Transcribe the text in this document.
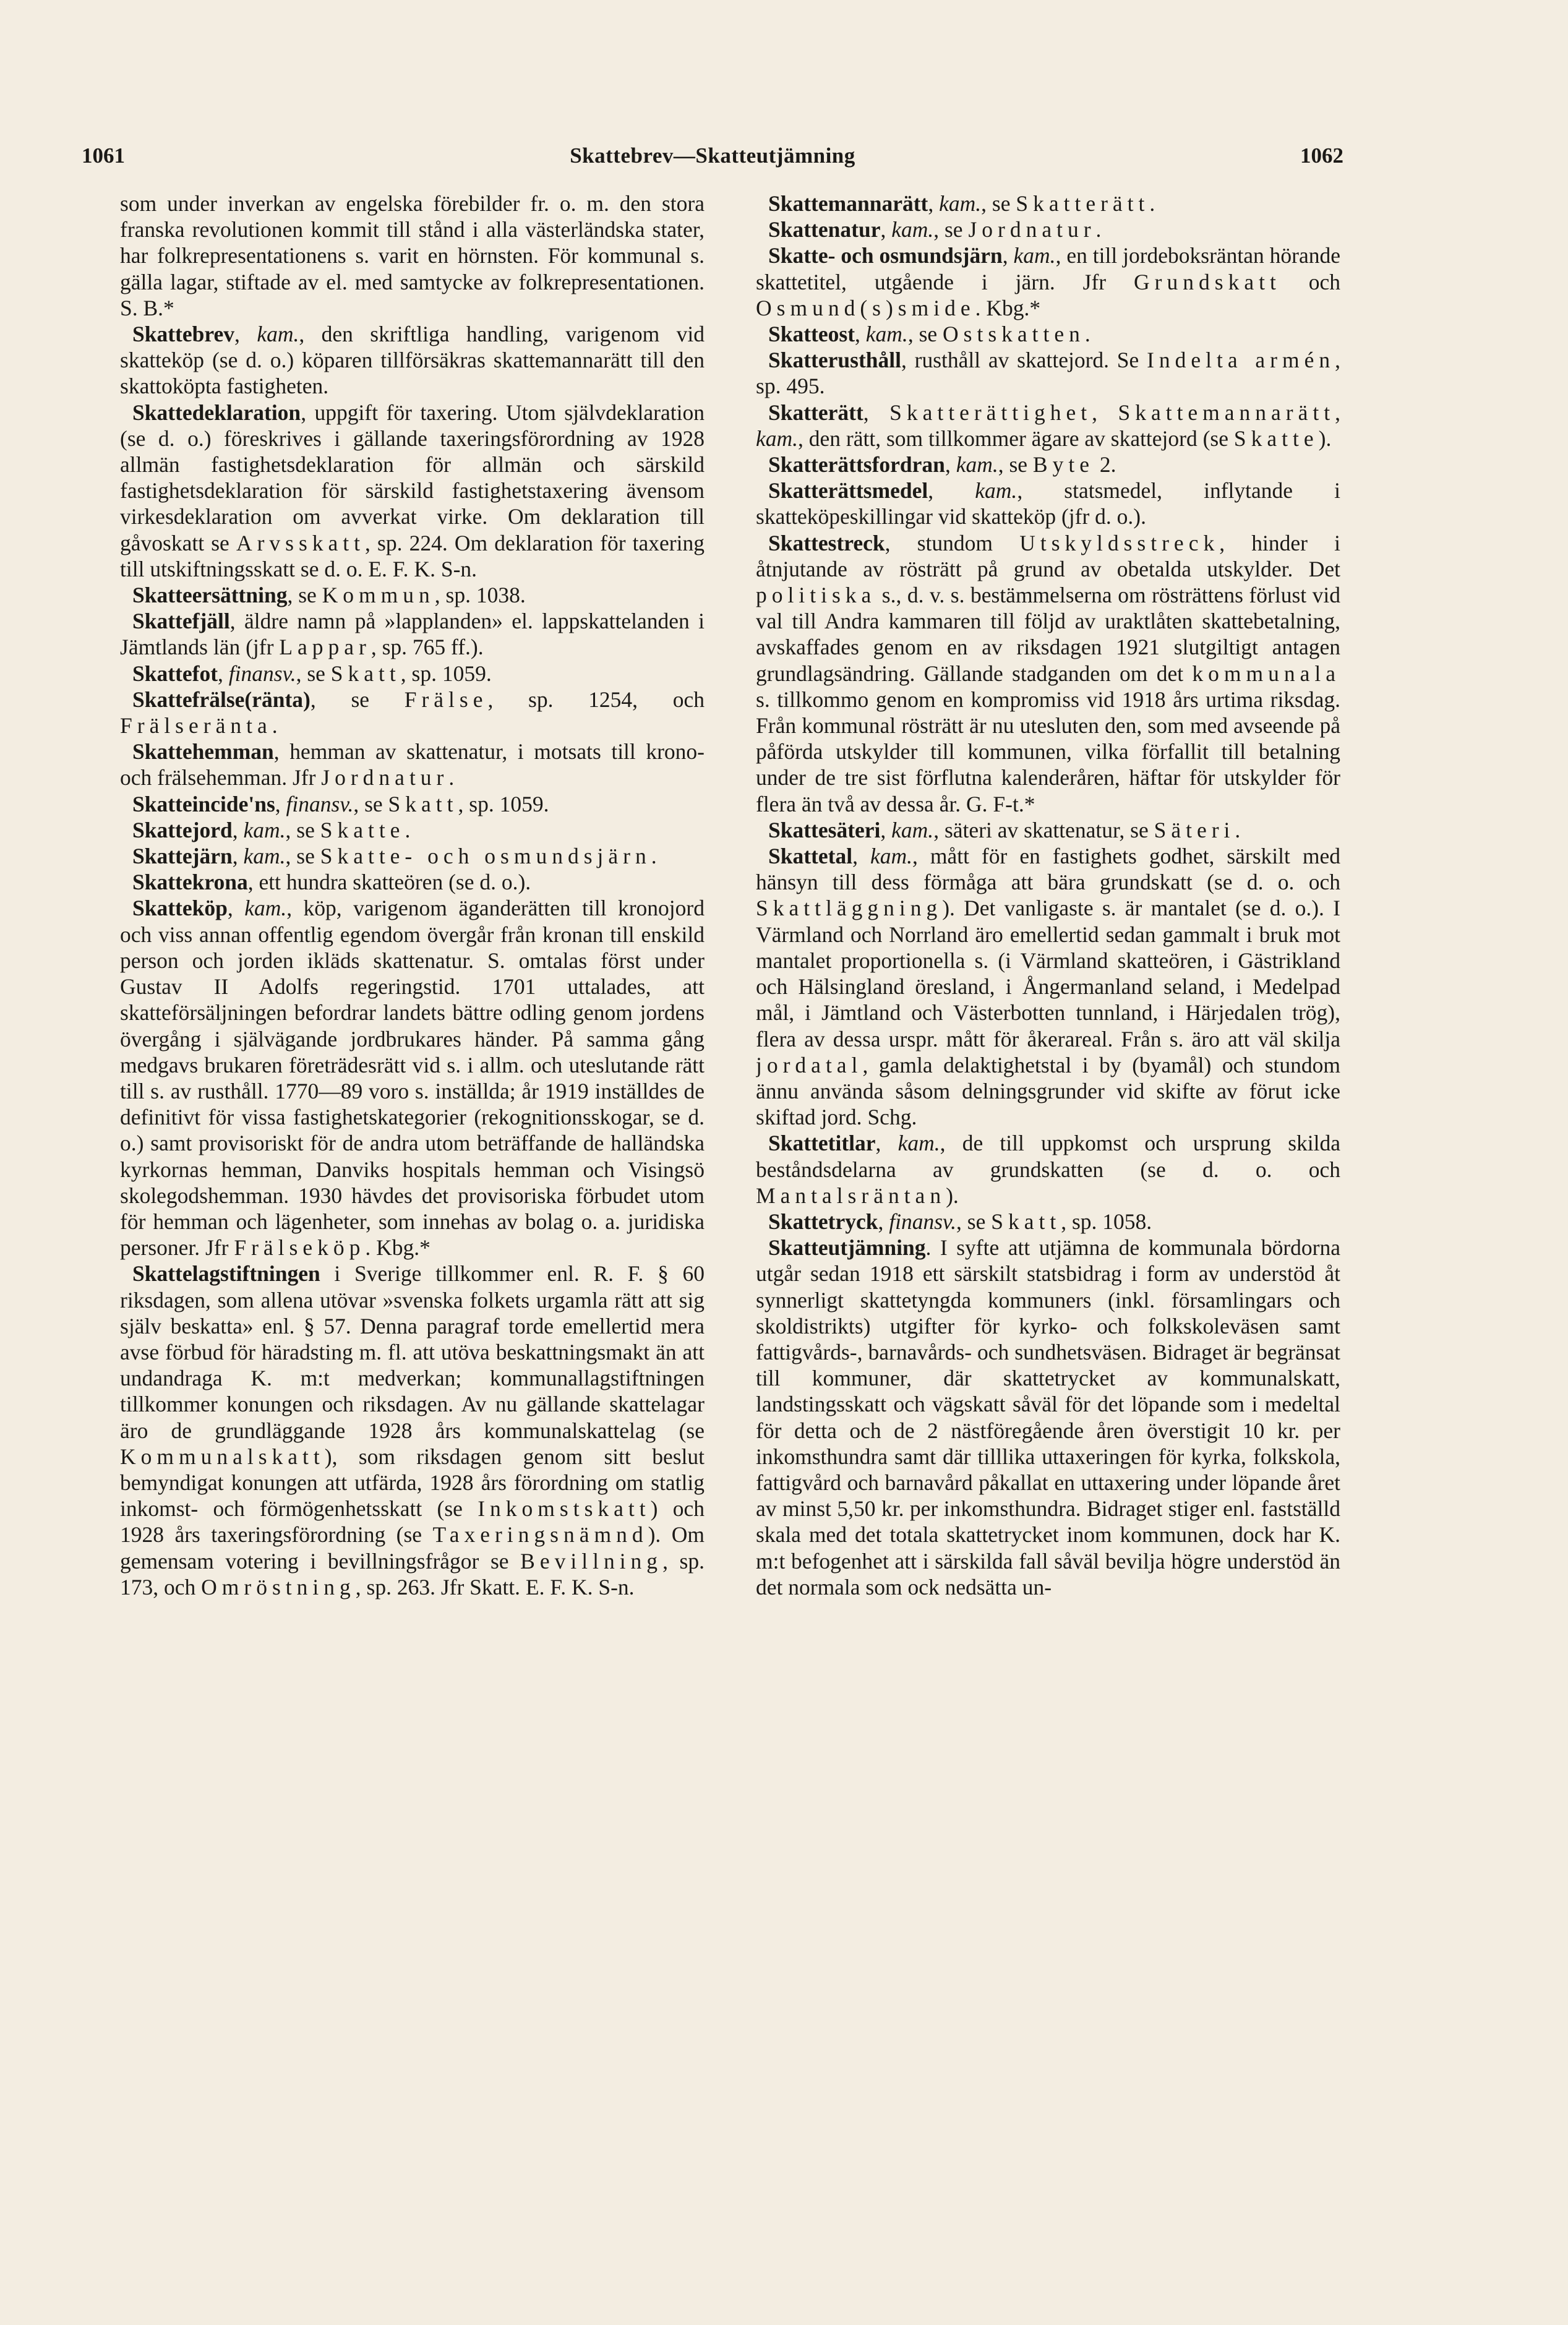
1061	Skattebrev—Skatteutjämning	1062

som under inverkan av engelska förebilder fr. o. m. den stora franska revolutionen kommit till stånd i alla västerländska stater, har folkrepresentationens s. varit en hörnsten. För kommunal s. gälla lagar, stiftade av el. med samtycke av folkrepresentationen. S. B.*

Skattebrev, kam., den skriftliga handling, varigenom vid skatteköp (se d. o.) köparen tillförsäkras skattemannarätt till den skattoköpta fastigheten.

Skattedeklaration, uppgift för taxering. Utom självdeklaration (se d. o.) föreskrives i gällande taxeringsförordning av 1928 allmän fastighetsdeklaration för allmän och särskild fastighetsdeklaration för särskild fastighetstaxering ävensom virkesdeklaration om avverkat virke. Om deklaration till gåvoskatt se Arvsskatt, sp. 224. Om deklaration för taxering till utskiftningsskatt se d. o. E. F. K. S-n.

Skatteersättning, se Kommun, sp. 1038.

Skattefjäll, äldre namn på »lapplanden» el. lappskattelanden i Jämtlands län (jfr Lappar, sp. 765 ff.).

Skattefot, finansv., se Skatt, sp. 1059.

Skattefrälse(ränta), se Frälse, sp. 1254, och Frälseränta.

Skattehemman, hemman av skattenatur, i motsats till krono- och frälsehemman. Jfr Jordnatur.

Skatteincide'ns, finansv., se Skatt, sp. 1059.

Skattejord, kam., se Skatte.

Skattejärn, kam., se Skatte- och osmundsjärn.

Skattekrona, ett hundra skatteören (se d. o.).

Skatteköp, kam., köp, varigenom äganderätten till kronojord och viss annan offentlig egendom övergår från kronan till enskild person och jorden ikläds skattenatur. S. omtalas först under Gustav II Adolfs regeringstid. 1701 uttalades, att skatteförsäljningen befordrar landets bättre odling genom jordens övergång i självägande jordbrukares händer. På samma gång medgavs brukaren företrädesrätt vid s. i allm. och uteslutande rätt till s. av rusthåll. 1770—89 voro s. inställda; år 1919 inställdes de definitivt för vissa fastighetskategorier (rekognitionsskogar, se d. o.) samt provisoriskt för de andra utom beträffande de halländska kyrkornas hemman, Danviks hospitals hemman och Visingsö skolegodshemman. 1930 hävdes det provisoriska förbudet utom för hemman och lägenheter, som innehas av bolag o. a. juridiska personer. Jfr Frälseköp. Kbg.*

Skattelagstiftningen i Sverige tillkommer enl. R. F. § 60 riksdagen, som allena utövar »svenska folkets urgamla rätt att sig själv beskatta» enl. § 57. Denna paragraf torde emellertid mera avse förbud för häradsting m. fl. att utöva beskattningsmakt än att undandraga K. m:t medverkan; kommunallagstiftningen tillkommer konungen och riksdagen. Av nu gällande skattelagar äro de grundläggande 1928 års kommunalskattelag (se Kommunalskatt), som riksdagen genom sitt beslut bemyndigat konungen att utfärda, 1928 års förordning om statlig inkomst- och förmögenhetsskatt (se Inkomstskatt) och 1928 års taxeringsförordning (se Taxeringsnämnd). Om gemensam votering i bevillningsfrågor se Bevillning, sp. 173, och Omröstning, sp. 263. Jfr Skatt. E. F. K. S-n.

Skattemannarätt, kam., se Skatterätt.

Skattenatur, kam., se Jordnatur.

Skatte- och osmundsjärn, kam., en till jordeboksräntan hörande skattetitel, utgående i järn. Jfr Grundskatt och Osmund(s)smide. Kbg.*

Skatteost, kam., se Ostskatten.

Skatterusthåll, rusthåll av skattejord. Se Indelta armén, sp. 495.

Skatterätt, Skatterättighet, Skattemannarätt, kam., den rätt, som tillkommer ägare av skattejord (se Skatte).

Skatterättsfordran, kam., se Byte 2.

Skatterättsmedel, kam., statsmedel, inflytande i skatteköpeskillingar vid skatteköp (jfr d. o.).

Skattestreck, stundom Utskyldsstreck, hinder i åtnjutande av rösträtt på grund av obetalda utskylder. Det politiska s., d. v. s. bestämmelserna om rösträttens förlust vid val till Andra kammaren till följd av uraktlåten skattebetalning, avskaffades genom en av riksdagen 1921 slutgiltigt antagen grundlagsändring. Gällande stadganden om det kommunala s. tillkommo genom en kompromiss vid 1918 års urtima riksdag. Från kommunal rösträtt är nu utesluten den, som med avseende på påförda utskylder till kommunen, vilka förfallit till betalning under de tre sist förflutna kalenderåren, häftar för utskylder för flera än två av dessa år. G. F-t.*

Skattesäteri, kam., säteri av skattenatur, se Säteri.

Skattetal, kam., mått för en fastighets godhet, särskilt med hänsyn till dess förmåga att bära grundskatt (se d. o. och Skattläggning). Det vanligaste s. är mantalet (se d. o.). I Värmland och Norrland äro emellertid sedan gammalt i bruk mot mantalet proportionella s. (i Värmland skatteören, i Gästrikland och Hälsingland öresland, i Ångermanland seland, i Medelpad mål, i Jämtland och Västerbotten tunnland, i Härjedalen trög), flera av dessa urspr. mått för åkerareal. Från s. äro att väl skilja jordatal, gamla delaktighetstal i by (byamål) och stundom ännu använda såsom delningsgrunder vid skifte av förut icke skiftad jord. Schg.

Skattetitlar, kam., de till uppkomst och ursprung skilda beståndsdelarna av grundskatten (se d. o. och Mantalsräntan).

Skattetryck, finansv., se Skatt, sp. 1058.

Skatteutjämning. I syfte att utjämna de kommunala bördorna utgår sedan 1918 ett särskilt statsbidrag i form av understöd åt synnerligt skattetyngda kommuners (inkl. församlingars och skoldistrikts) utgifter för kyrko- och folkskoleväsen samt fattigvårds-, barnavårds- och sundhetsväsen. Bidraget är begränsat till kommuner, där skattetrycket av kommunalskatt, landstingsskatt och vägskatt såväl för det löpande som i medeltal för detta och de 2 nästföregående åren överstigit 10 kr. per inkomsthundra samt där tilllika uttaxeringen för kyrka, folkskola, fattigvård och barnavård påkallat en uttaxering under löpande året av minst 5,50 kr. per inkomsthundra. Bidraget stiger enl. fastställd skala med det totala skattetrycket inom kommunen, dock har K. m:t befogenhet att i särskilda fall såväl bevilja högre understöd än det normala som ock nedsätta un-
